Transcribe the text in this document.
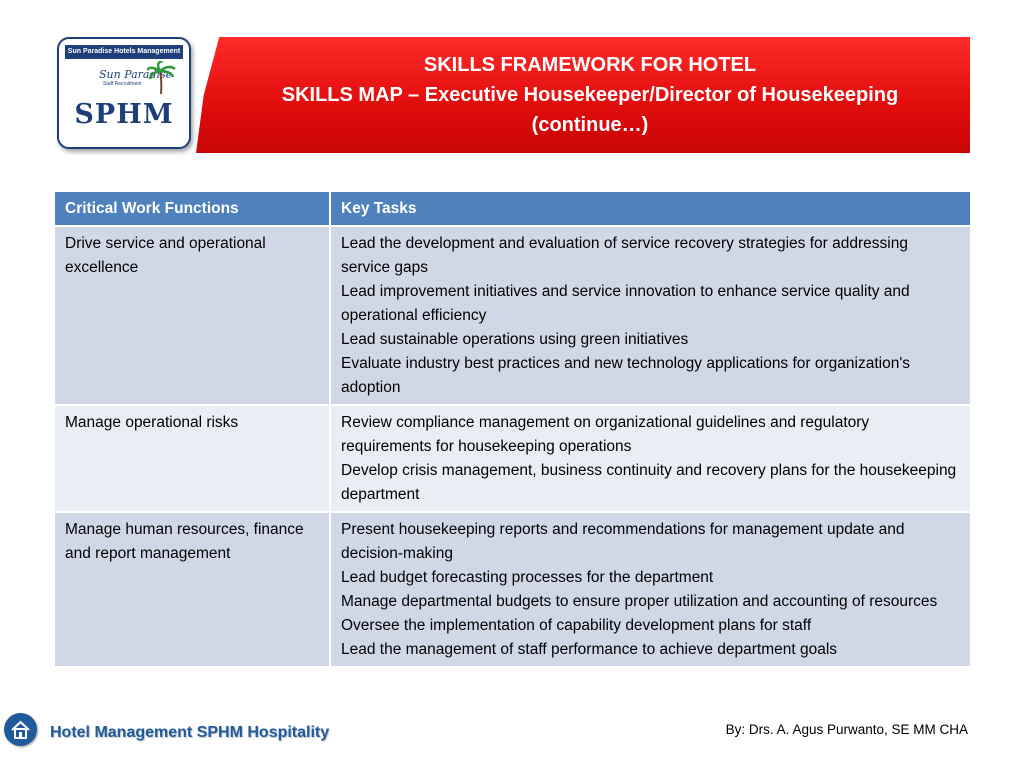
Sun Paradise Hotels Management
Sun Paradise
Staff Recruitment
SPHM
SKILLS FRAMEWORK FOR HOTEL
SKILLS MAP – Executive Housekeeper/Director of Housekeeping
(continue…)
Critical Work Functions	Key Tasks
Drive service and operational excellence	Lead the development and evaluation of service recovery strategies for addressing service gaps
Lead improvement initiatives and service innovation to enhance service quality and operational efficiency
Lead sustainable operations using green initiatives
Evaluate industry best practices and new technology applications for organization's adoption

Manage operational risks	Review compliance management on organizational guidelines and regulatory requirements for housekeeping operations
Develop crisis management, business continuity and recovery plans for the housekeeping department

Manage human resources, finance and report management	Present housekeeping reports and recommendations for management update and decision-making
Lead budget forecasting processes for the department
Manage departmental budgets to ensure proper utilization and accounting of resources
Oversee the implementation of capability development plans for staff
Lead the management of staff performance to achieve department goals
Hotel Management SPHM Hospitality	By: Drs. A. Agus Purwanto, SE MM CHA
